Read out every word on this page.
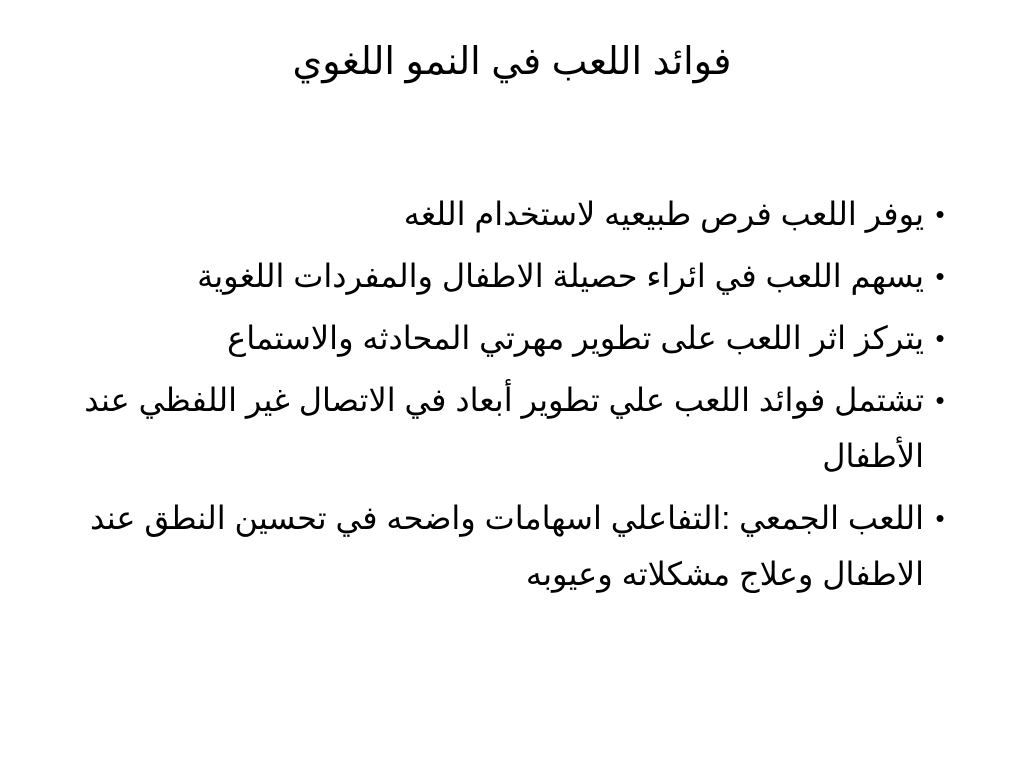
فوائد اللعب في النمو اللغوي
•
يوفر اللعب فرص طبيعيه لاستخدام اللغه
•
يسهم اللعب في ائراء حصيلة الاطفال والمفردات اللغوية
•
يتركز اثر اللعب على تطوير مهرتي المحادثه والاستماع
•
تشتمل فوائد اللعب علي تطوير أبعاد في الاتصال غير اللفظي عند الأطفال
•
اللعب الجمعي :التفاعلي اسهامات واضحه في تحسين النطق عند الاطفال وعلاج مشكلاته وعيوبه
